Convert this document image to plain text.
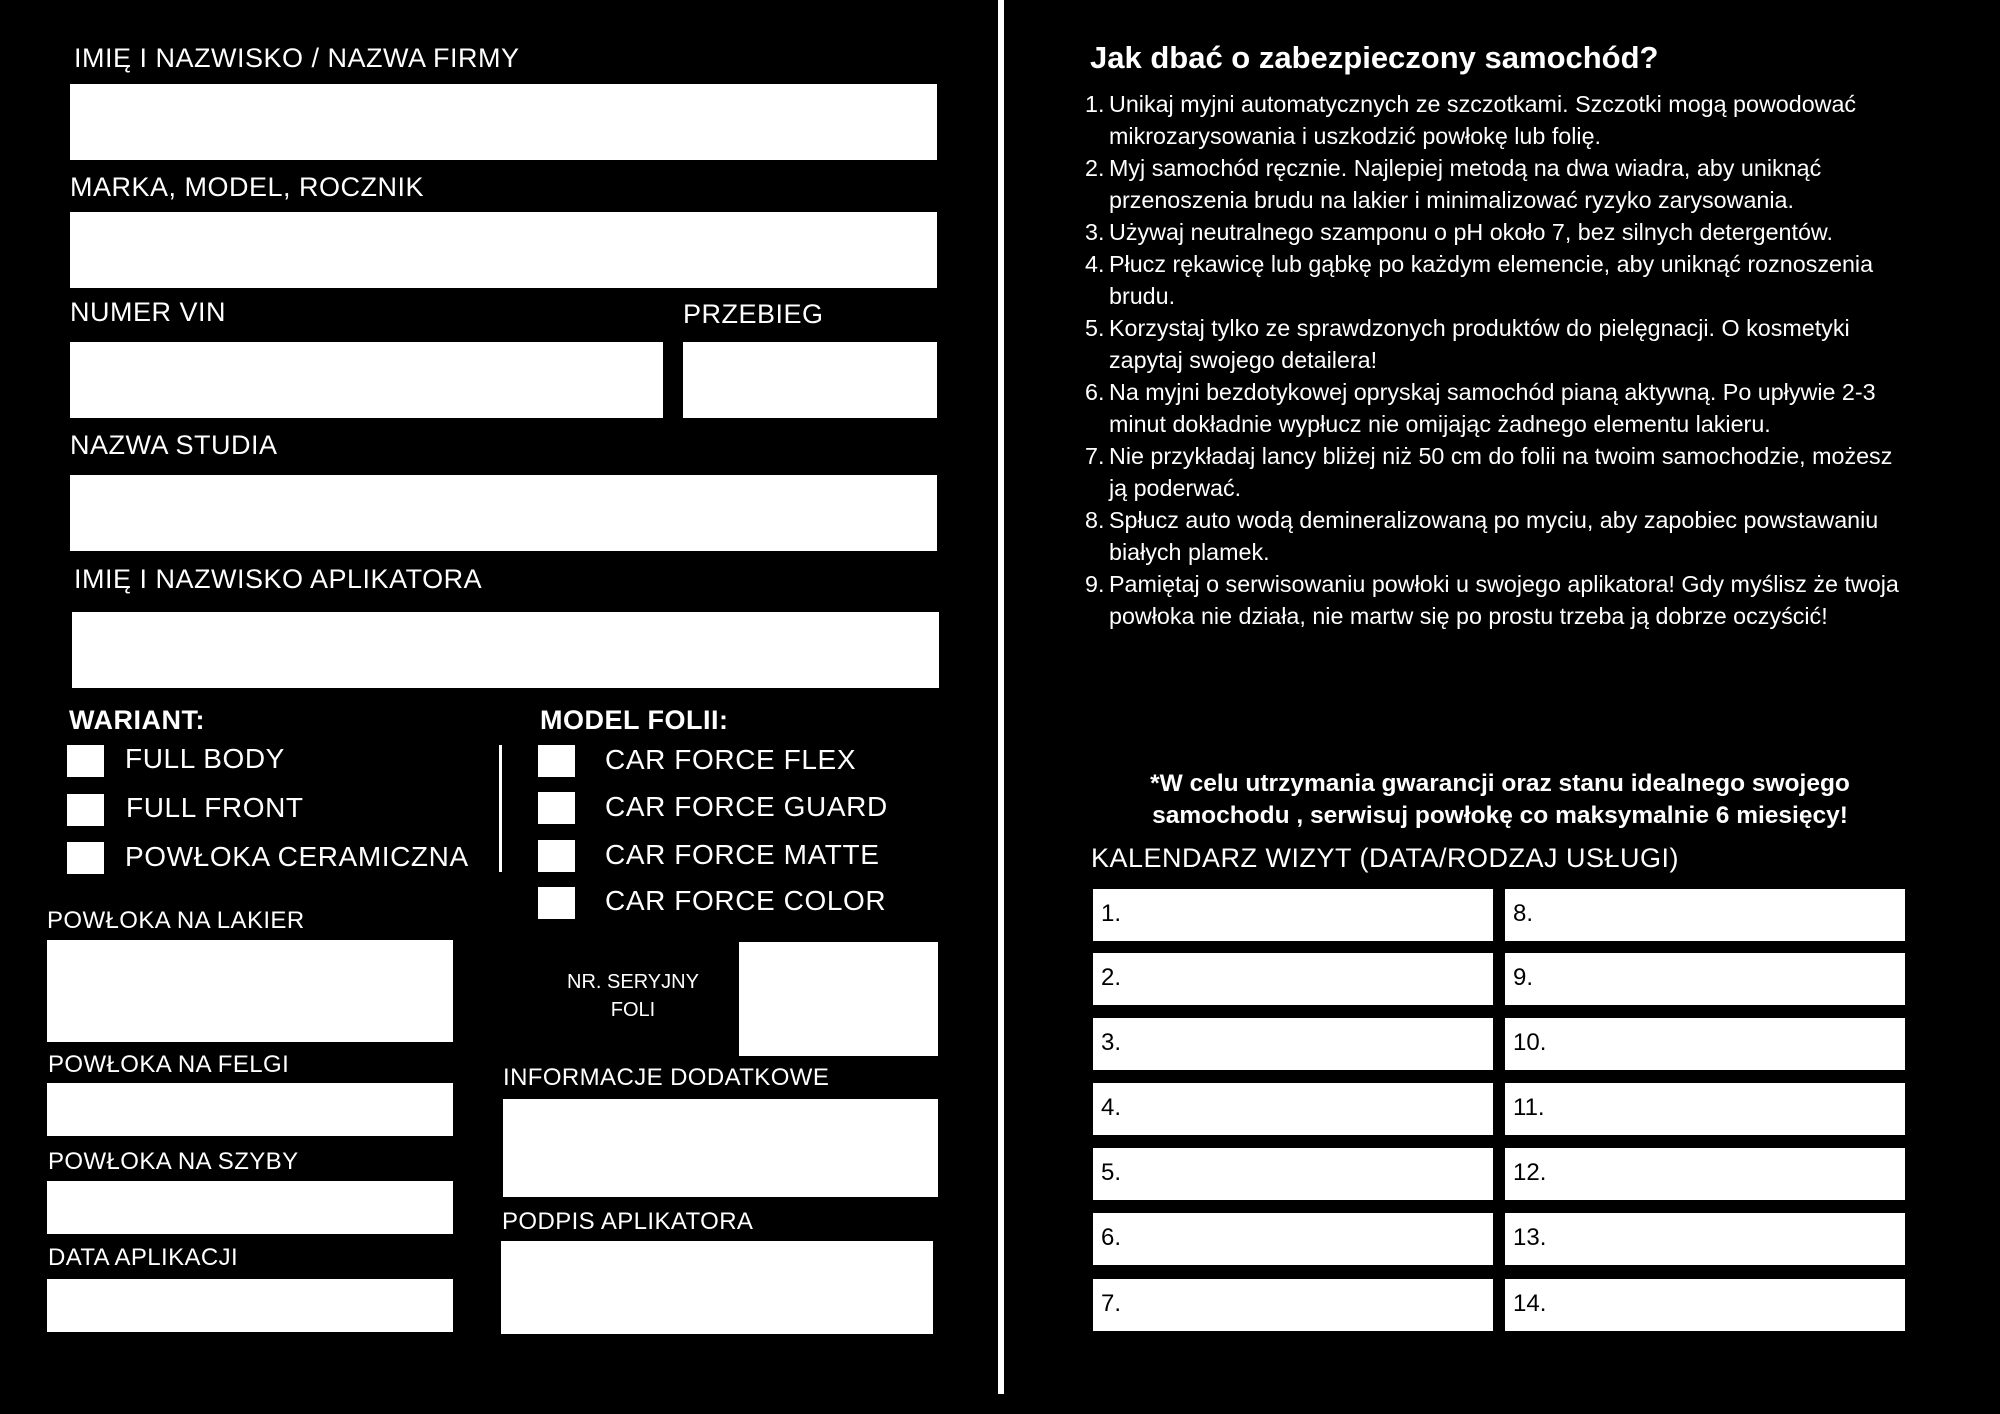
IMIĘ I NAZWISKO / NAZWA FIRMY
MARKA, MODEL, ROCZNIK
NUMER VIN	PRZEBIEG
NAZWA STUDIA
IMIĘ I NAZWISKO APLIKATORA
WARIANT:
FULL BODY
FULL FRONT
POWŁOKA CERAMICZNA
MODEL FOLII:
CAR FORCE FLEX
CAR FORCE GUARD
CAR FORCE MATTE
CAR FORCE COLOR
POWŁOKA NA LAKIER
POWŁOKA NA FELGI
POWŁOKA NA SZYBY
DATA APLIKACJI
NR. SERYJNY
FOLI
INFORMACJE DODATKOWE
PODPIS APLIKATORA
Jak dbać o zabezpieczony samochód?
1. Unikaj myjni automatycznych ze szczotkami. Szczotki mogą powodować mikrozarysowania i uszkodzić powłokę lub folię.
2. Myj samochód ręcznie. Najlepiej metodą na dwa wiadra, aby uniknąć przenoszenia brudu na lakier i minimalizować ryzyko zarysowania.
3. Używaj neutralnego szamponu o pH około 7, bez silnych detergentów.
4. Płucz rękawicę lub gąbkę po każdym elemencie, aby uniknąć roznoszenia brudu.
5. Korzystaj tylko ze sprawdzonych produktów do pielęgnacji. O kosmetyki zapytaj swojego detailera!
6. Na myjni bezdotykowej opryskaj samochód pianą aktywną. Po upływie 2-3 minut dokładnie wypłucz nie omijając żadnego elementu lakieru.
7. Nie przykładaj lancy bliżej niż 50 cm do folii na twoim samochodzie, możesz ją poderwać.
8. Spłucz auto wodą demineralizowaną po myciu, aby zapobiec powstawaniu białych plamek.
9. Pamiętaj o serwisowaniu powłoki u swojego aplikatora! Gdy myślisz że twoja powłoka nie działa, nie martw się po prostu trzeba ją dobrze oczyścić!
*W celu utrzymania gwarancji oraz stanu idealnego swojego
samochodu , serwisuj powłokę co maksymalnie 6 miesięcy!
KALENDARZ WIZYT (DATA/RODZAJ USŁUGI)
1.
2.
3.
4.
5.
6.
7.
8.
9.
10.
11.
12.
13.
14.
